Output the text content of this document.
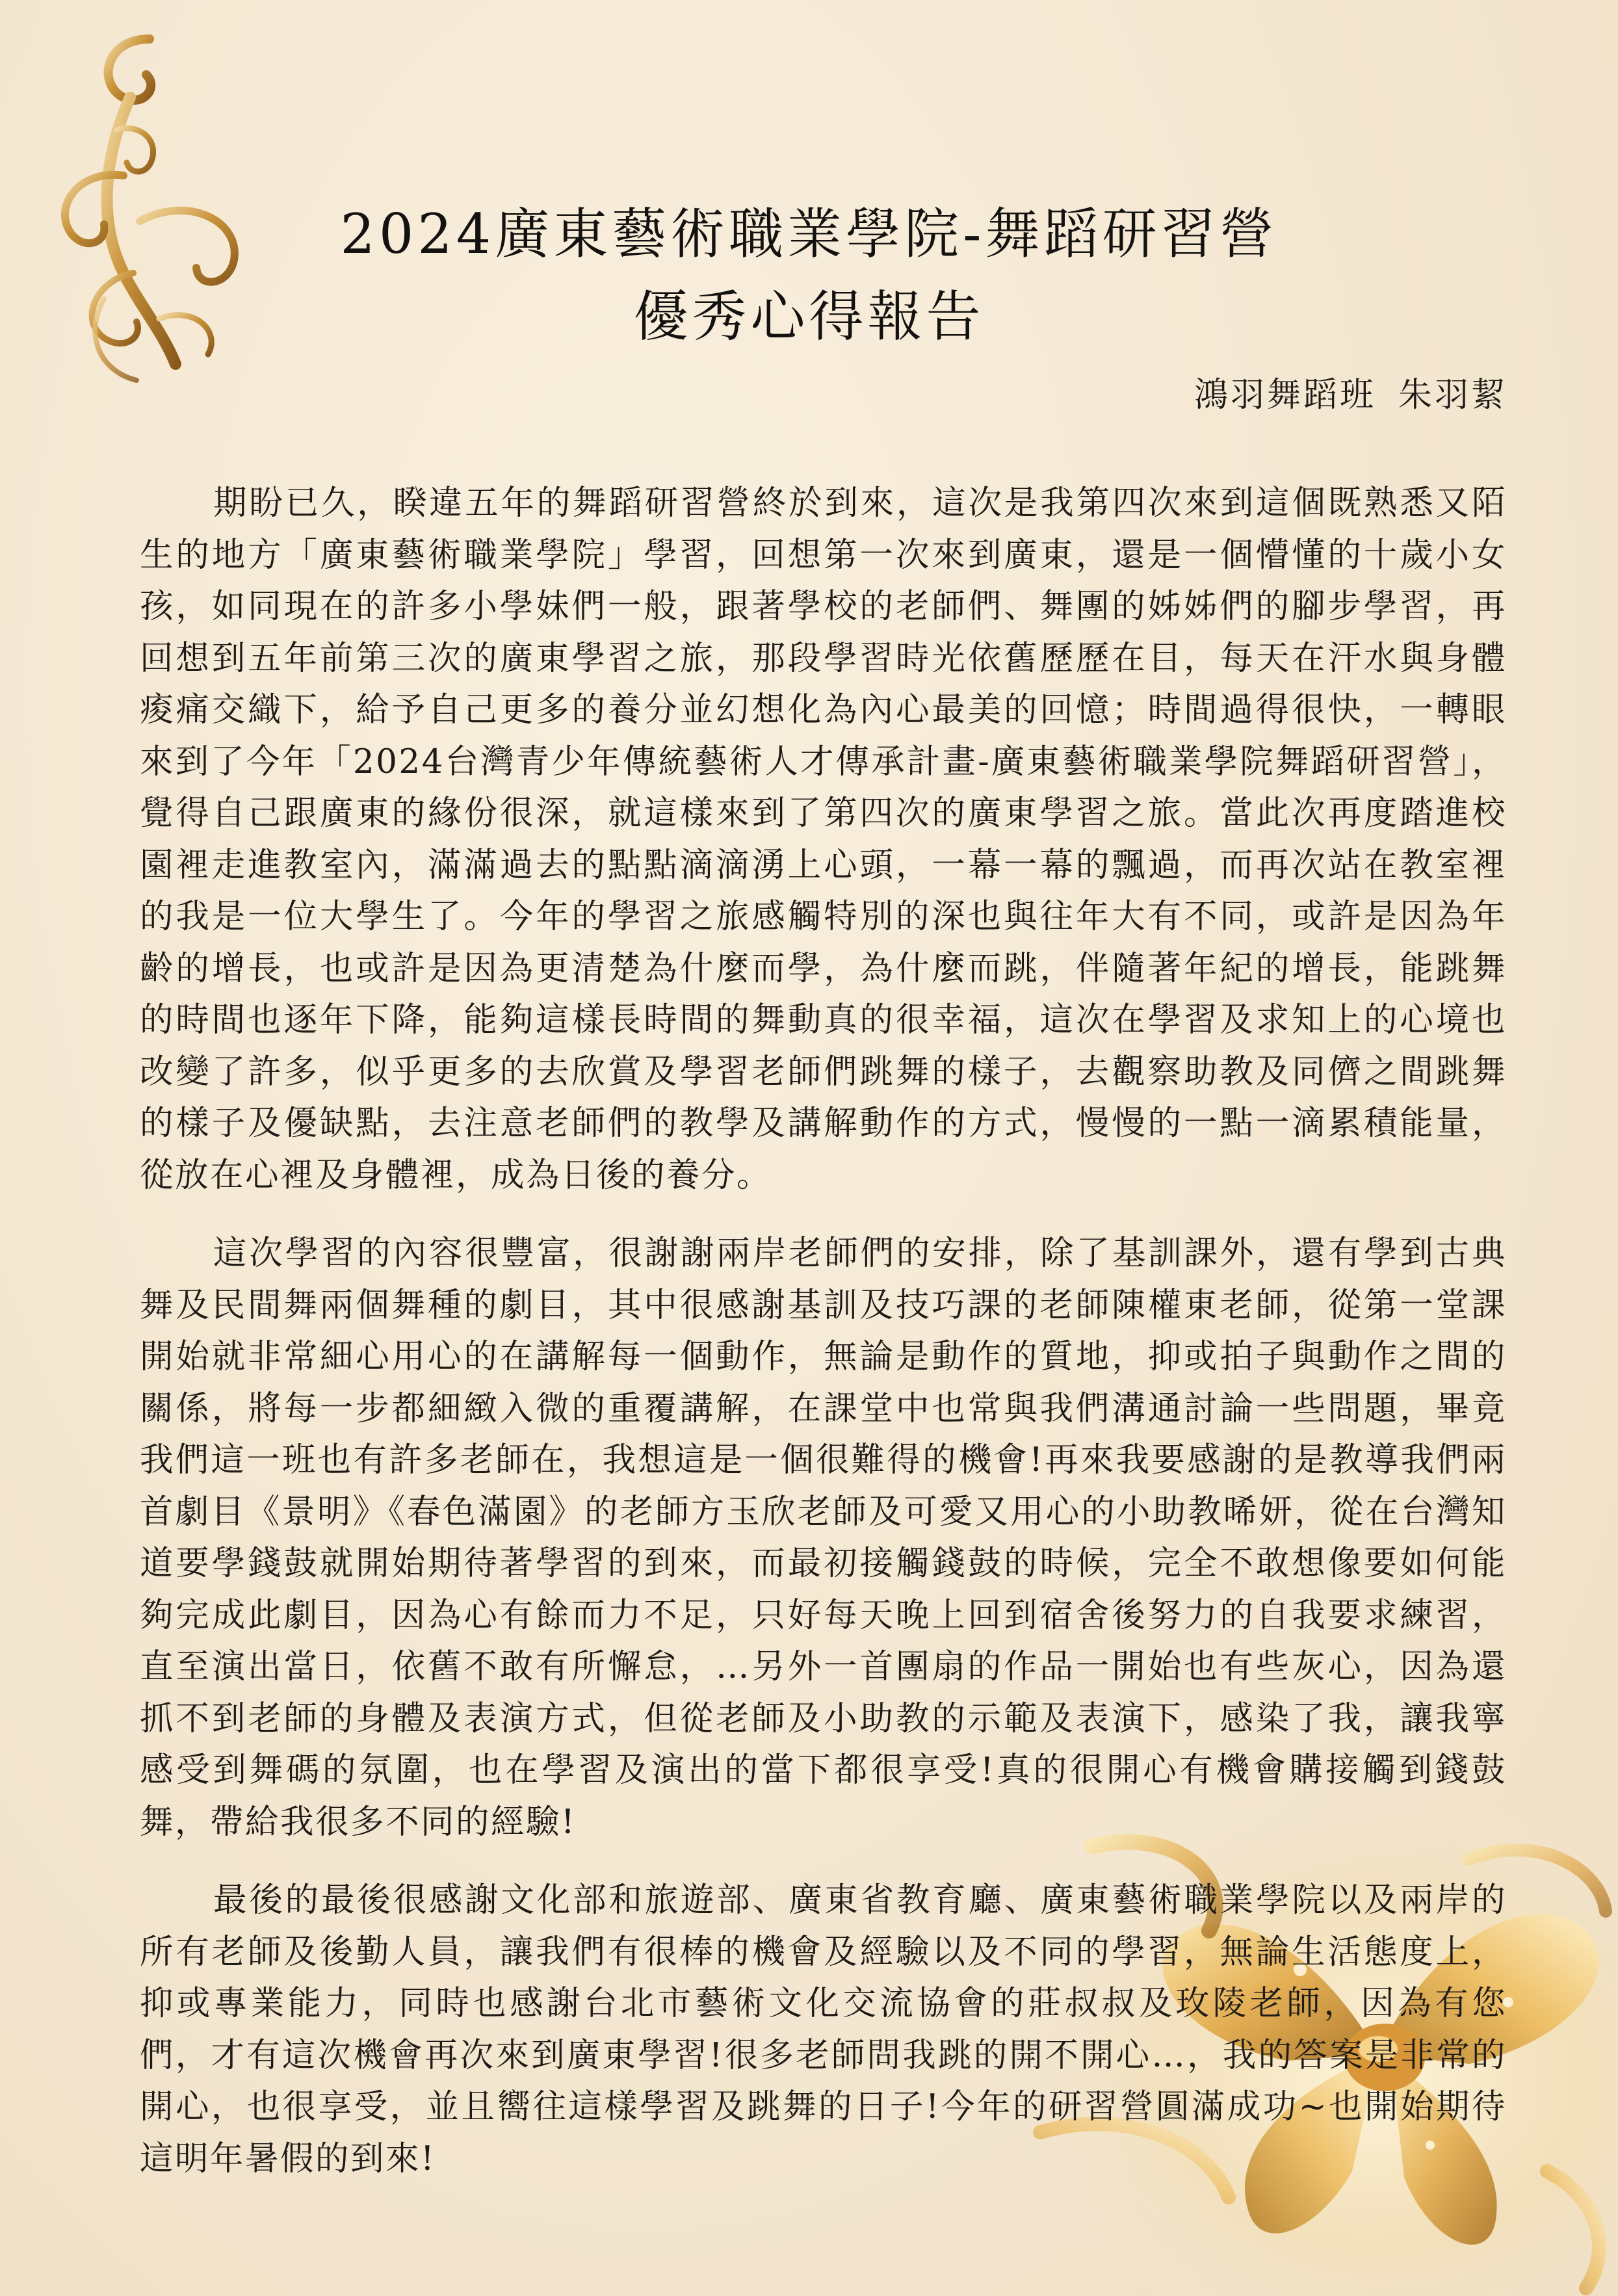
2024廣東藝術職業學院-舞蹈研習營
優秀心得報告
鴻羽舞蹈班 朱羽絜

期盼已久，睽違五年的舞蹈研習營終於到來，這次是我第四次來到這個既熟悉又陌生的地方「廣東藝術職業學院」學習，回想第一次來到廣東，還是一個懵懂的十歲小女孩，如同現在的許多小學妹們一般，跟著學校的老師們、舞團的姊姊們的腳步學習，再回想到五年前第三次的廣東學習之旅，那段學習時光依舊歷歷在目，每天在汗水與身體痠痛交織下，給予自己更多的養分並幻想化為內心最美的回憶；時間過得很快，一轉眼來到了今年「2024台灣青少年傳統藝術人才傳承計畫-廣東藝術職業學院舞蹈研習營」，覺得自己跟廣東的緣份很深，就這樣來到了第四次的廣東學習之旅。當此次再度踏進校園裡走進教室內，滿滿過去的點點滴滴湧上心頭，一幕一幕的飄過，而再次站在教室裡的我是一位大學生了。今年的學習之旅感觸特別的深也與往年大有不同，或許是因為年齡的增長，也或許是因為更清楚為什麼而學，為什麼而跳，伴隨著年紀的增長，能跳舞的時間也逐年下降，能夠這樣長時間的舞動真的很幸福，這次在學習及求知上的心境也改變了許多，似乎更多的去欣賞及學習老師們跳舞的樣子，去觀察助教及同儕之間跳舞的樣子及優缺點，去注意老師們的教學及講解動作的方式，慢慢的一點一滴累積能量，從放在心裡及身體裡，成為日後的養分。

這次學習的內容很豐富，很謝謝兩岸老師們的安排，除了基訓課外，還有學到古典舞及民間舞兩個舞種的劇目，其中很感謝基訓及技巧課的老師陳權東老師，從第一堂課開始就非常細心用心的在講解每一個動作，無論是動作的質地，抑或拍子與動作之間的關係，將每一步都細緻入微的重覆講解，在課堂中也常與我們溝通討論一些問題，畢竟我們這一班也有許多老師在，我想這是一個很難得的機會!再來我要感謝的是教導我們兩首劇目《景明》《春色滿園》的老師方玉欣老師及可愛又用心的小助教晞妍，從在台灣知道要學錢鼓就開始期待著學習的到來，而最初接觸錢鼓的時候，完全不敢想像要如何能夠完成此劇目，因為心有餘而力不足，只好每天晚上回到宿舍後努力的自我要求練習，直至演出當日，依舊不敢有所懈怠，…另外一首團扇的作品一開始也有些灰心，因為還抓不到老師的身體及表演方式，但從老師及小助教的示範及表演下，感染了我，讓我寧感受到舞碼的氛圍，也在學習及演出的當下都很享受!真的很開心有機會購接觸到錢鼓舞，帶給我很多不同的經驗!

最後的最後很感謝文化部和旅遊部、廣東省教育廳、廣東藝術職業學院以及兩岸的所有老師及後勤人員，讓我們有很棒的機會及經驗以及不同的學習，無論生活態度上，抑或專業能力，同時也感謝台北市藝術文化交流協會的莊叔叔及玫陵老師，因為有您們，才有這次機會再次來到廣東學習!很多老師問我跳的開不開心…，我的答案是非常的開心，也很享受，並且嚮往這樣學習及跳舞的日子!今年的研習營圓滿成功~也開始期待這明年暑假的到來!
